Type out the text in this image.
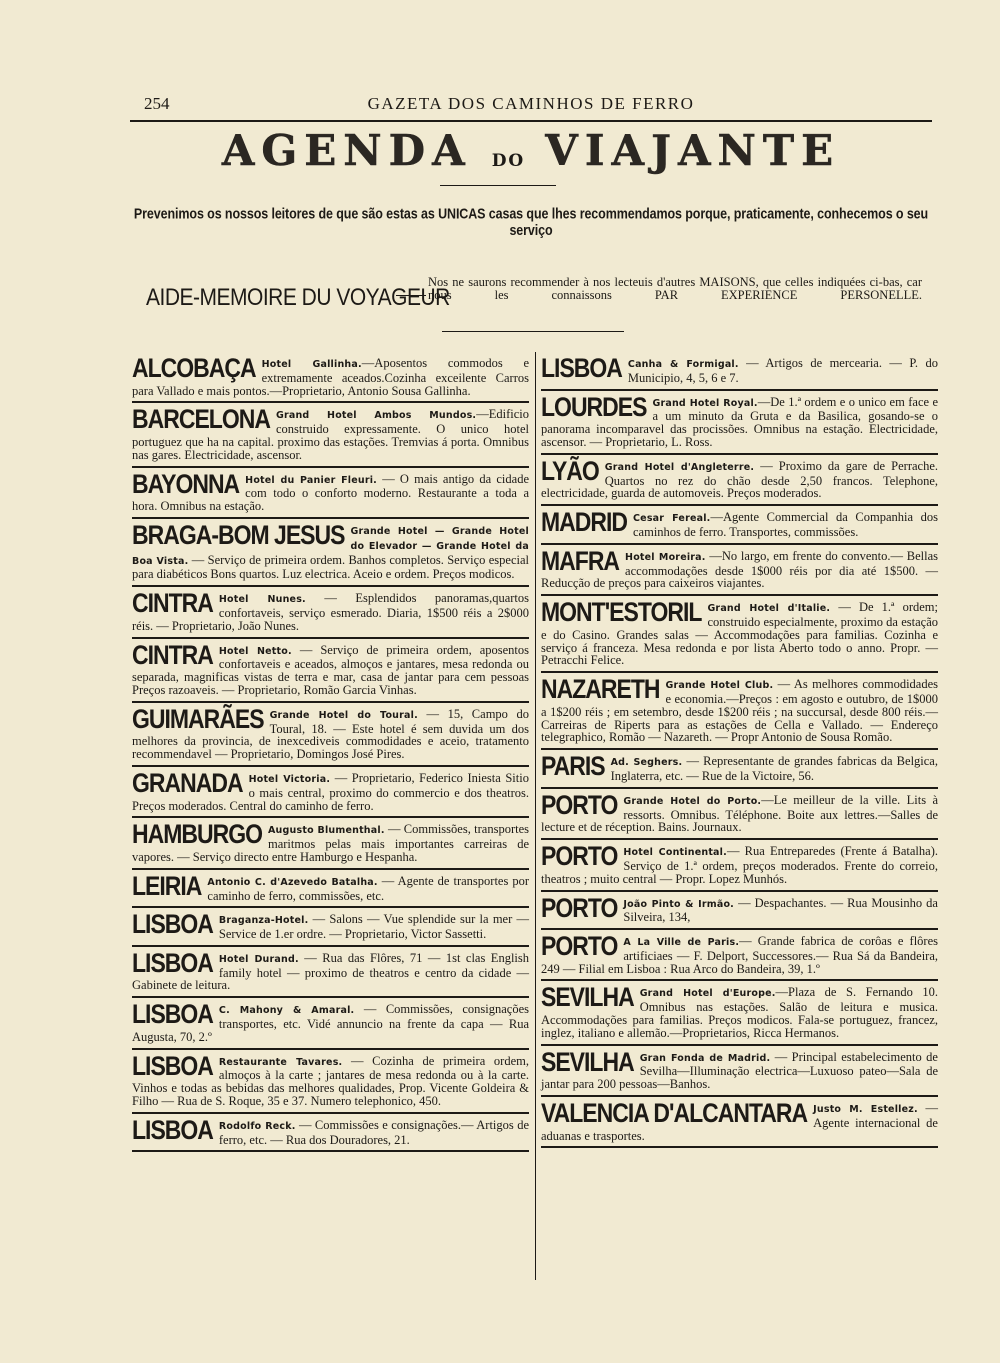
254	GAZETA DOS CAMINHOS DE FERRO
AGENDA DO VIAJANTE
Prevenimos os nossos leitores de que são estas as UNICAS casas que lhes recommendamos porque, praticamente, conhecemos o seu serviço
AIDE-MEMOIRE DU VOYAGEUR
Nos ne saurons recommender à nos lecteuis d'autres MAISONS, que celles indiquées ci-bas, car nous les connaissons PAR EXPERIENCE PERSONELLE.
ALCOBAÇA Hotel Gallinha.—Aposentos commodos e extremamente aceados.Cozinha exceilente Carros para Vallado e mais pontos.—Proprietario, Antonio Sousa Gallinha.
BARCELONA Grand Hotel Ambos Mundos.—Edificio construido expressamente. O unico hotel portuguez que ha na capital. proximo das estações. Tremvias á porta. Omnibus nas gares. Electricidade, ascensor.
BAYONNA Hotel du Panier Fleuri. — O mais antigo da cidade com todo o conforto moderno. Restaurante a toda a hora. Omnibus na estação.
BRAGA-BOM JESUS Grande Hotel — Grande Hotel do Elevador — Grande Hotel da Boa Vista. — Serviço de primeira ordem. Banhos completos. Serviço especial para diabéticos Bons quartos. Luz electrica. Aceio e ordem. Preços modicos.
CINTRA Hotel Nunes. — Esplendidos panoramas,quartos confortaveis, serviço esmerado. Diaria, 1$500 réis a 2$000 réis. — Proprietario, João Nunes.
CINTRA Hotel Netto. — Serviço de primeira ordem, aposentos confortaveis e aceados, almoços e jantares, mesa redonda ou separada, magnificas vistas de terra e mar, casa de jantar para cem pessoas Preços razoaveis. — Proprietario, Romão Garcia Vinhas.
GUIMARÃES Grande Hotel do Toural. — 15, Campo do Toural, 18. — Este hotel é sem duvida um dos melhores da provincia, de inexcediveis commodidades e aceio, tratamento recommendavel — Proprietario, Domingos José Pires.
GRANADA Hotel Victoria. — Proprietario, Federico Iniesta Sitio o mais central, proximo do commercio e dos theatros. Preços moderados. Central do caminho de ferro.
HAMBURGO Augusto Blumenthal. — Commissões, transportes maritmos pelas mais importantes carreiras de vapores. — Serviço directo entre Hamburgo e Hespanha.
LEIRIA Antonio C. d'Azevedo Batalha. — Agente de transportes por caminho de ferro, commissões, etc.
LISBOA Braganza-Hotel. — Salons — Vue splendide sur la mer — Service de 1.er ordre. — Proprietario, Victor Sassetti.
LISBOA Hotel Durand. — Rua das Flôres, 71 — 1st clas English family hotel — proximo de theatros e centro da cidade — Gabinete de leitura.
LISBOA C. Mahony & Amaral. — Commissões, consignações transportes, etc. Vidé annuncio na frente da capa — Rua Augusta, 70, 2.º
LISBOA Restaurante Tavares. — Cozinha de primeira ordem, almoços à la carte ; jantares de mesa redonda ou à la carte. Vinhos e todas as bebidas das melhores qualidades, Prop. Vicente Goldeira & Filho — Rua de S. Roque, 35 e 37. Numero telephonico, 450.
LISBOA Rodolfo Reck. — Commissões e consignações.— Artigos de ferro, etc. — Rua dos Douradores, 21.
LISBOA Canha & Formigal. — Artigos de mercearia. — P. do Municipio, 4, 5, 6 e 7.
LOURDES Grand Hotel Royal.—De 1.ª ordem e o unico em face e a um minuto da Gruta e da Basilica, gosando-se o panorama incomparavel das procissões. Omnibus na estação. Electricidade, ascensor. — Proprietario, L. Ross.
LYÃO Grand Hotel d'Angleterre. — Proximo da gare de Perrache. Quartos no rez do chão desde 2,50 francos. Telephone, electricidade, guarda de automoveis. Preços moderados.
MADRID Cesar Fereal.—Agente Commercial da Companhia dos caminhos de ferro. Transportes, commissões.
MAFRA Hotel Moreira. —No largo, em frente do convento.— Bellas accommodações desde 1$000 réis por dia até 1$500. — Reducção de preços para caixeiros viajantes.
MONT'ESTORIL Grand Hotel d'Italie. — De 1.ª ordem; construido especialmente, proximo da estação e do Casino. Grandes salas — Accommodações para familias. Cozinha e serviço á franceza. Mesa redonda e por lista Aberto todo o anno. Propr. — Petracchi Felice.
NAZARETH Grande Hotel Club. — As melhores commodidades e economia.—Preços : em agosto e outubro, de 1$000 a 1$200 réis ; em setembro, desde 1$200 réis ; na succursal, desde 800 réis.—Carreiras de Riperts para as estações de Cella e Vallado. — Endereço telegraphico, Romão — Nazareth. — Propr Antonio de Sousa Romão.
PARIS Ad. Seghers. — Representante de grandes fabricas da Belgica, Inglaterra, etc. — Rue de la Victoire, 56.
PORTO Grande Hotel do Porto.—Le meilleur de la ville. Lits à ressorts. Omnibus. Téléphone. Boite aux lettres.—Salles de lecture et de réception. Bains. Journaux.
PORTO Hotel Continental.— Rua Entreparedes (Frente á Batalha). Serviço de 1.ª ordem, preços moderados. Frente do correio, theatros ; muito central — Propr. Lopez Munhós.
PORTO João Pinto & Irmão. — Despachantes. — Rua Mousinho da Silveira, 134,
PORTO A La Ville de Paris.— Grande fabrica de corôas e flôres artificiaes — F. Delport, Successores.— Rua Sá da Bandeira, 249 — Filial em Lisboa : Rua Arco do Bandeira, 39, 1.º
SEVILHA Grand Hotel d'Europe.—Plaza de S. Fernando 10. Omnibus nas estações. Salão de leitura e musica. Accommodações para familias. Preços modicos. Fala-se portuguez, francez, inglez, italiano e allemão.—Proprietarios, Ricca Hermanos.
SEVILHA Gran Fonda de Madrid. — Principal estabelecimento de Sevilha—Illuminação electrica—Luxuoso pateo—Sala de jantar para 200 pessoas—Banhos.
VALENCIA D'ALCANTARA Justo M. Estellez. — Agente internacional de aduanas e trasportes.
